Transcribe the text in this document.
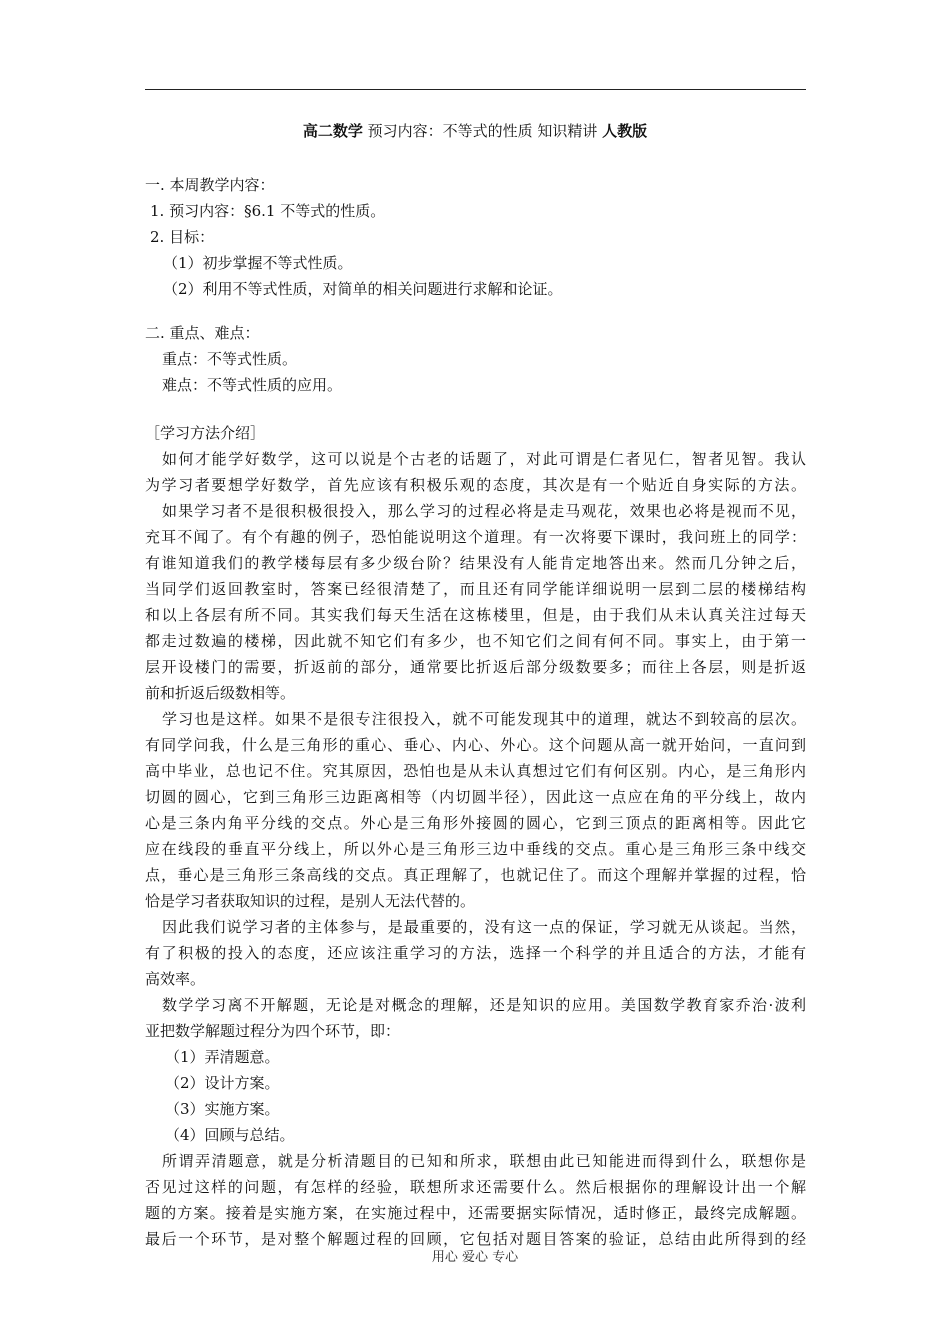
高二数学 预习内容：不等式的性质 知识精讲 人教版
一. 本周教学内容：
1. 预习内容：§6.1 不等式的性质。
2. 目标：
（1）初步掌握不等式性质。
（2）利用不等式性质，对简单的相关问题进行求解和论证。
二. 重点、难点：
重点：不等式性质。
难点：不等式性质的应用。
［学习方法介绍］
如何才能学好数学，这可以说是个古老的话题了，对此可谓是仁者见仁，智者见智。我认
为学习者要想学好数学，首先应该有积极乐观的态度，其次是有一个贴近自身实际的方法。
如果学习者不是很积极很投入，那么学习的过程必将是走马观花，效果也必将是视而不见，
充耳不闻了。有个有趣的例子，恐怕能说明这个道理。有一次将要下课时，我问班上的同学：
有谁知道我们的教学楼每层有多少级台阶？结果没有人能肯定地答出来。然而几分钟之后，
当同学们返回教室时，答案已经很清楚了，而且还有同学能详细说明一层到二层的楼梯结构
和以上各层有所不同。其实我们每天生活在这栋楼里，但是，由于我们从未认真关注过每天
都走过数遍的楼梯，因此就不知它们有多少，也不知它们之间有何不同。事实上，由于第一
层开设楼门的需要，折返前的部分，通常要比折返后部分级数要多；而往上各层，则是折返
前和折返后级数相等。
学习也是这样。如果不是很专注很投入，就不可能发现其中的道理，就达不到较高的层次。
有同学问我，什么是三角形的重心、垂心、内心、外心。这个问题从高一就开始问，一直问到
高中毕业，总也记不住。究其原因，恐怕也是从未认真想过它们有何区别。内心，是三角形内
切圆的圆心，它到三角形三边距离相等（内切圆半径），因此这一点应在角的平分线上，故内
心是三条内角平分线的交点。外心是三角形外接圆的圆心，它到三顶点的距离相等。因此它
应在线段的垂直平分线上，所以外心是三角形三边中垂线的交点。重心是三角形三条中线交
点，垂心是三角形三条高线的交点。真正理解了，也就记住了。而这个理解并掌握的过程，恰
恰是学习者获取知识的过程，是别人无法代替的。
因此我们说学习者的主体参与，是最重要的，没有这一点的保证，学习就无从谈起。当然，
有了积极的投入的态度，还应该注重学习的方法，选择一个科学的并且适合的方法，才能有
高效率。
数学学习离不开解题，无论是对概念的理解，还是知识的应用。美国数学教育家乔治·波利
亚把数学解题过程分为四个环节，即：
（1）弄清题意。
（2）设计方案。
（3）实施方案。
（4）回顾与总结。
所谓弄清题意，就是分析清题目的已知和所求，联想由此已知能进而得到什么，联想你是
否见过这样的问题，有怎样的经验，联想所求还需要什么。然后根据你的理解设计出一个解
题的方案。接着是实施方案，在实施过程中，还需要据实际情况，适时修正，最终完成解题。
最后一个环节，是对整个解题过程的回顾，它包括对题目答案的验证，总结由此所得到的经
用心 爱心 专心
